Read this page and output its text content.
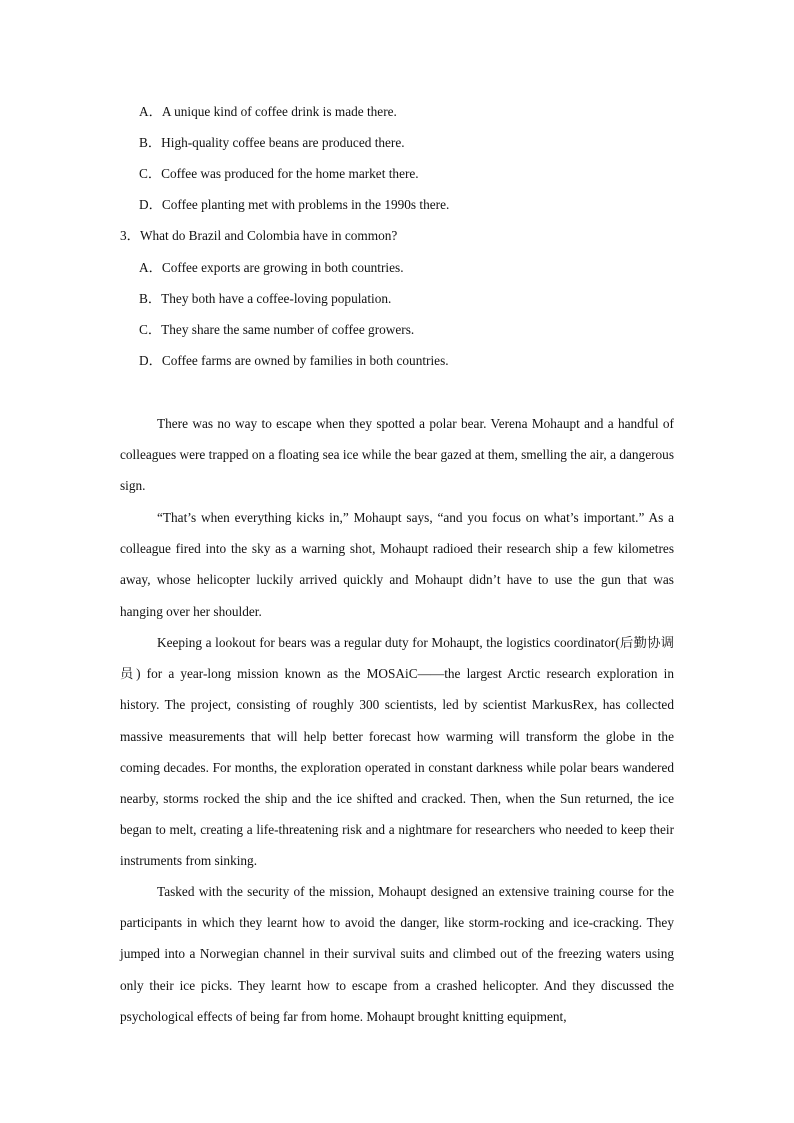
A．A unique kind of coffee drink is made there.
B．High-quality coffee beans are produced there.
C．Coffee was produced for the home market there.
D．Coffee planting met with problems in the 1990s there.
3．What do Brazil and Colombia have in common?
A．Coffee exports are growing in both countries.
B．They both have a coffee-loving population.
C．They share the same number of coffee growers.
D．Coffee farms are owned by families in both countries.

There was no way to escape when they spotted a polar bear. Verena Mohaupt and a handful of colleagues were trapped on a floating sea ice while the bear gazed at them, smelling the air, a dangerous sign.

“That’s when everything kicks in,” Mohaupt says, “and you focus on what’s important.” As a colleague fired into the sky as a warning shot, Mohaupt radioed their research ship a few kilometres away, whose helicopter luckily arrived quickly and Mohaupt didn’t have to use the gun that was hanging over her shoulder.

Keeping a lookout for bears was a regular duty for Mohaupt, the logistics coordinator(后勤协调员) for a year-long mission known as the MOSAiC——the largest Arctic research exploration in history. The project, consisting of roughly 300 scientists, led by scientist MarkusRex, has collected massive measurements that will help better forecast how warming will transform the globe in the coming decades. For months, the exploration operated in constant darkness while polar bears wandered nearby, storms rocked the ship and the ice shifted and cracked. Then, when the Sun returned, the ice began to melt, creating a life-threatening risk and a nightmare for researchers who needed to keep their instruments from sinking.

Tasked with the security of the mission, Mohaupt designed an extensive training course for the participants in which they learnt how to avoid the danger, like storm-rocking and ice-cracking. They jumped into a Norwegian channel in their survival suits and climbed out of the freezing waters using only their ice picks. They learnt how to escape from a crashed helicopter. And they discussed the psychological effects of being far from home. Mohaupt brought knitting equipment,
